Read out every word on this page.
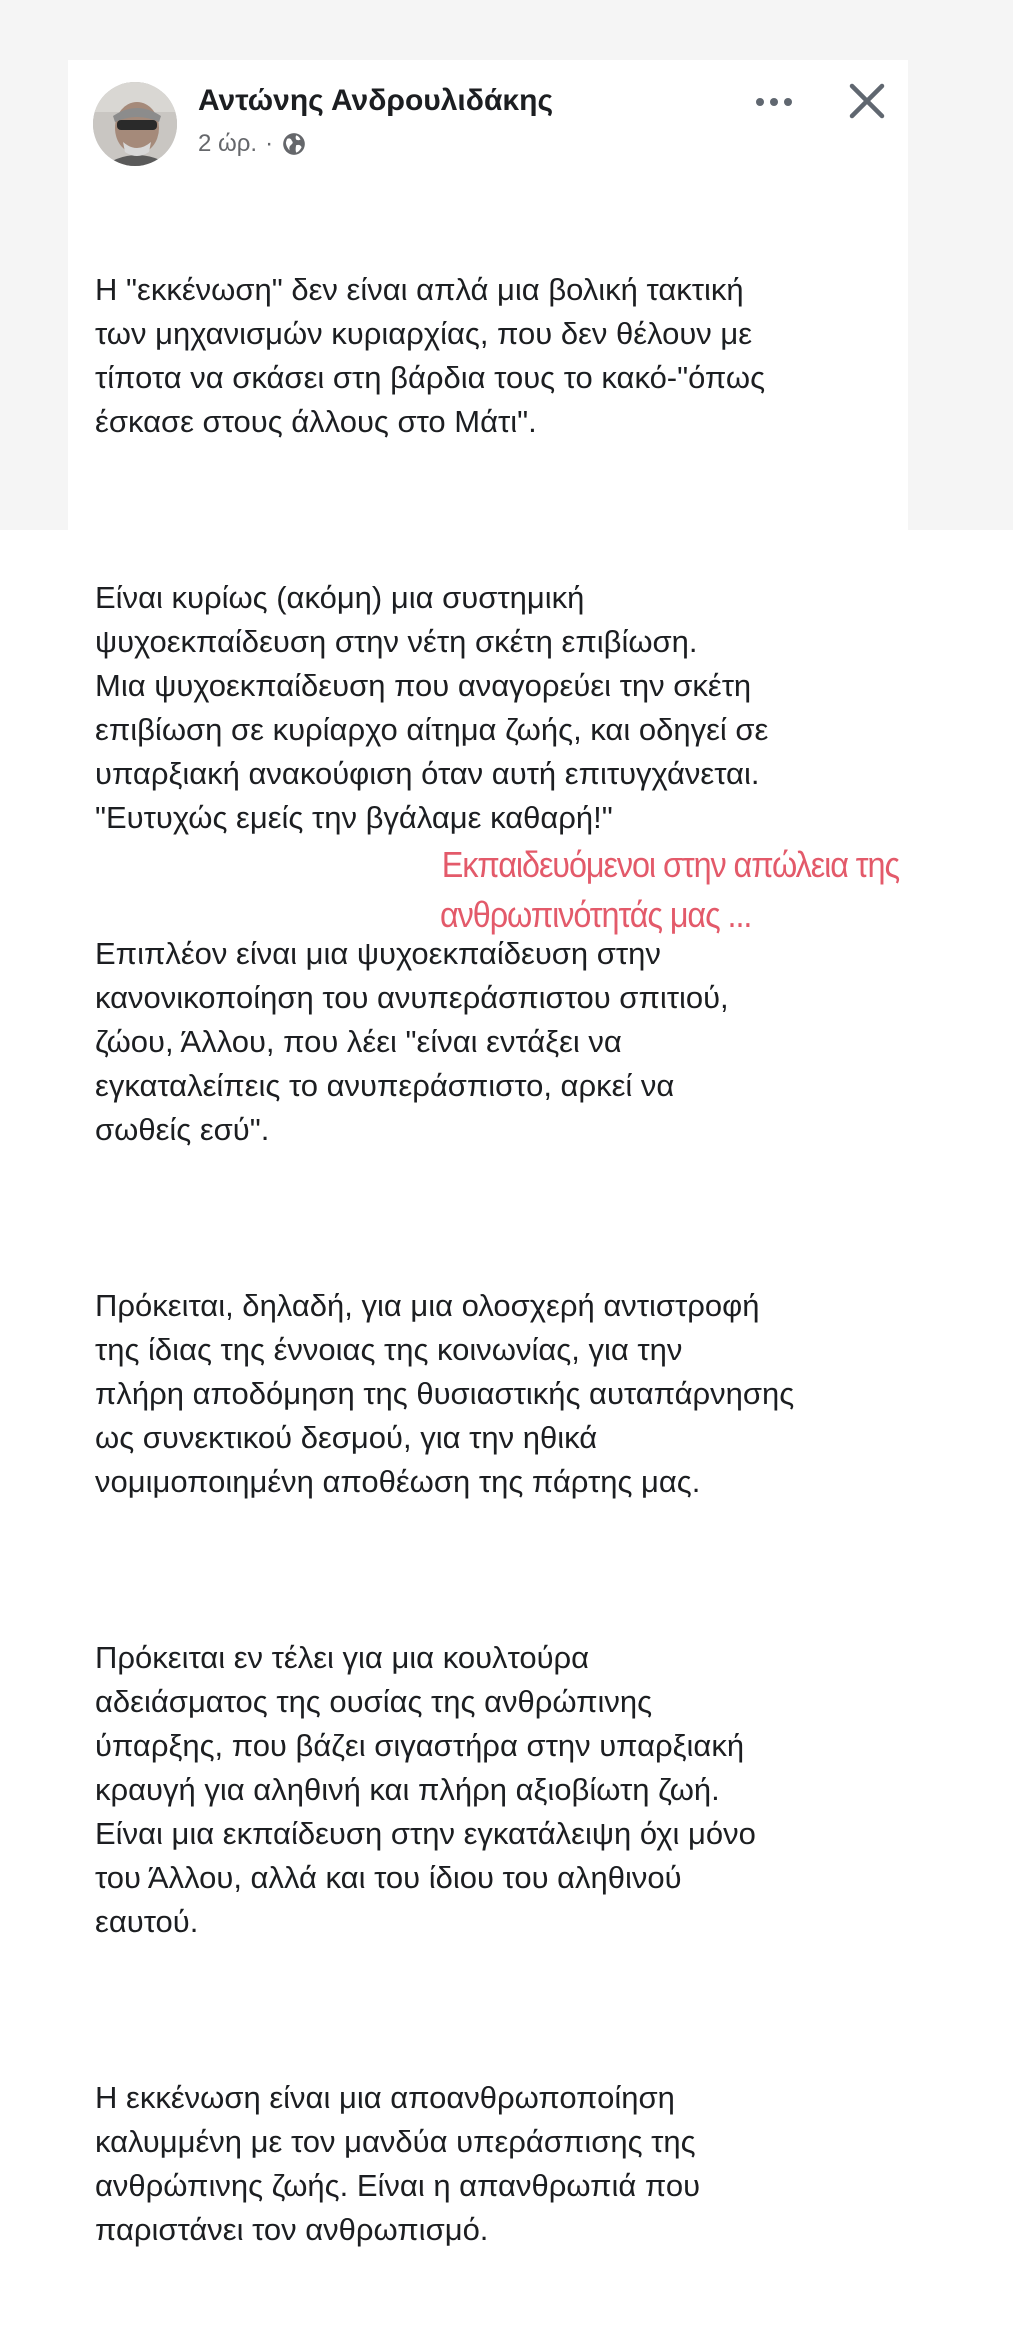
Αντώνης Ανδρουλιδάκης
2 ώρ. ·

Η "εκκένωση" δεν είναι απλά μια βολική τακτική
των μηχανισμών κυριαρχίας, που δεν θέλουν με
τίποτα να σκάσει στη βάρδια τους το κακό-"όπως
έσκασε στους άλλους στο Μάτι".

Είναι κυρίως (ακόμη) μια συστημική
ψυχοεκπαίδευση στην νέτη σκέτη επιβίωση.
Μια ψυχοεκπαίδευση που αναγορεύει την σκέτη
επιβίωση σε κυρίαρχο αίτημα ζωής, και οδηγεί σε
υπαρξιακή ανακούφιση όταν αυτή επιτυγχάνεται.
"Ευτυχώς εμείς την βγάλαμε καθαρή!"

Επιπλέον είναι μια ψυχοεκπαίδευση στην
κανονικοποίηση του ανυπεράσπιστου σπιτιού,
ζώου, Άλλου, που λέει "είναι εντάξει να
εγκαταλείπεις το ανυπεράσπιστο, αρκεί να
σωθείς εσύ".

Πρόκειται, δηλαδή, για μια ολοσχερή αντιστροφή
της ίδιας της έννοιας της κοινωνίας, για την
πλήρη αποδόμηση της θυσιαστικής αυταπάρνησης
ως συνεκτικού δεσμού, για την ηθικά
νομιμοποιημένη αποθέωση της πάρτης μας.

Πρόκειται εν τέλει για μια κουλτούρα
αδειάσματος της ουσίας της ανθρώπινης
ύπαρξης, που βάζει σιγαστήρα στην υπαρξιακή
κραυγή για αληθινή και πλήρη αξιοβίωτη ζωή.
Είναι μια εκπαίδευση στην εγκατάλειψη όχι μόνο
του Άλλου, αλλά και του ίδιου του αληθινού
εαυτού.

Η εκκένωση είναι μια αποανθρωποποίηση
καλυμμένη με τον μανδύα υπεράσπισης της
ανθρώπινης ζωής. Είναι η απανθρωπιά που
παριστάνει τον ανθρωπισμό.

Εκπαιδευόμενοι στην απώλεια της
ανθρωπινότητάς μας ...
